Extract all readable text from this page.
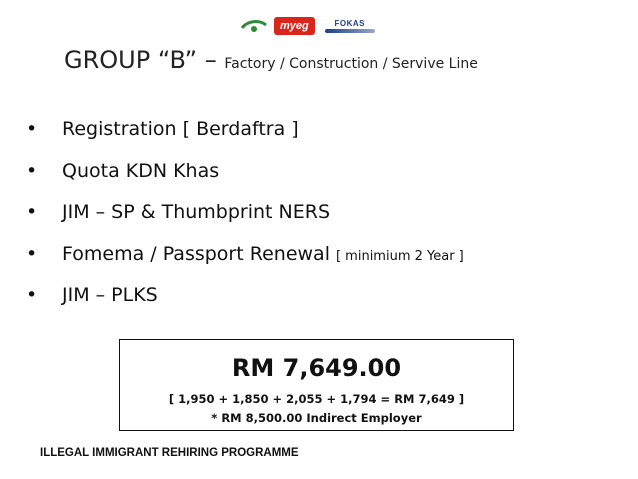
myeg	FOKAS
GROUP “B” – Factory / Construction / Servive Line
•	Registration [ Berdaftra ]
•	Quota KDN Khas
•	JIM – SP & Thumbprint NERS
•	Fomema / Passport Renewal [ minimium 2 Year ]
•	JIM – PLKS
RM 7,649.00
[ 1,950 + 1,850 + 2,055 + 1,794 = RM 7,649 ]
* RM 8,500.00 Indirect Employer
ILLEGAL IMMIGRANT REHIRING PROGRAMME
